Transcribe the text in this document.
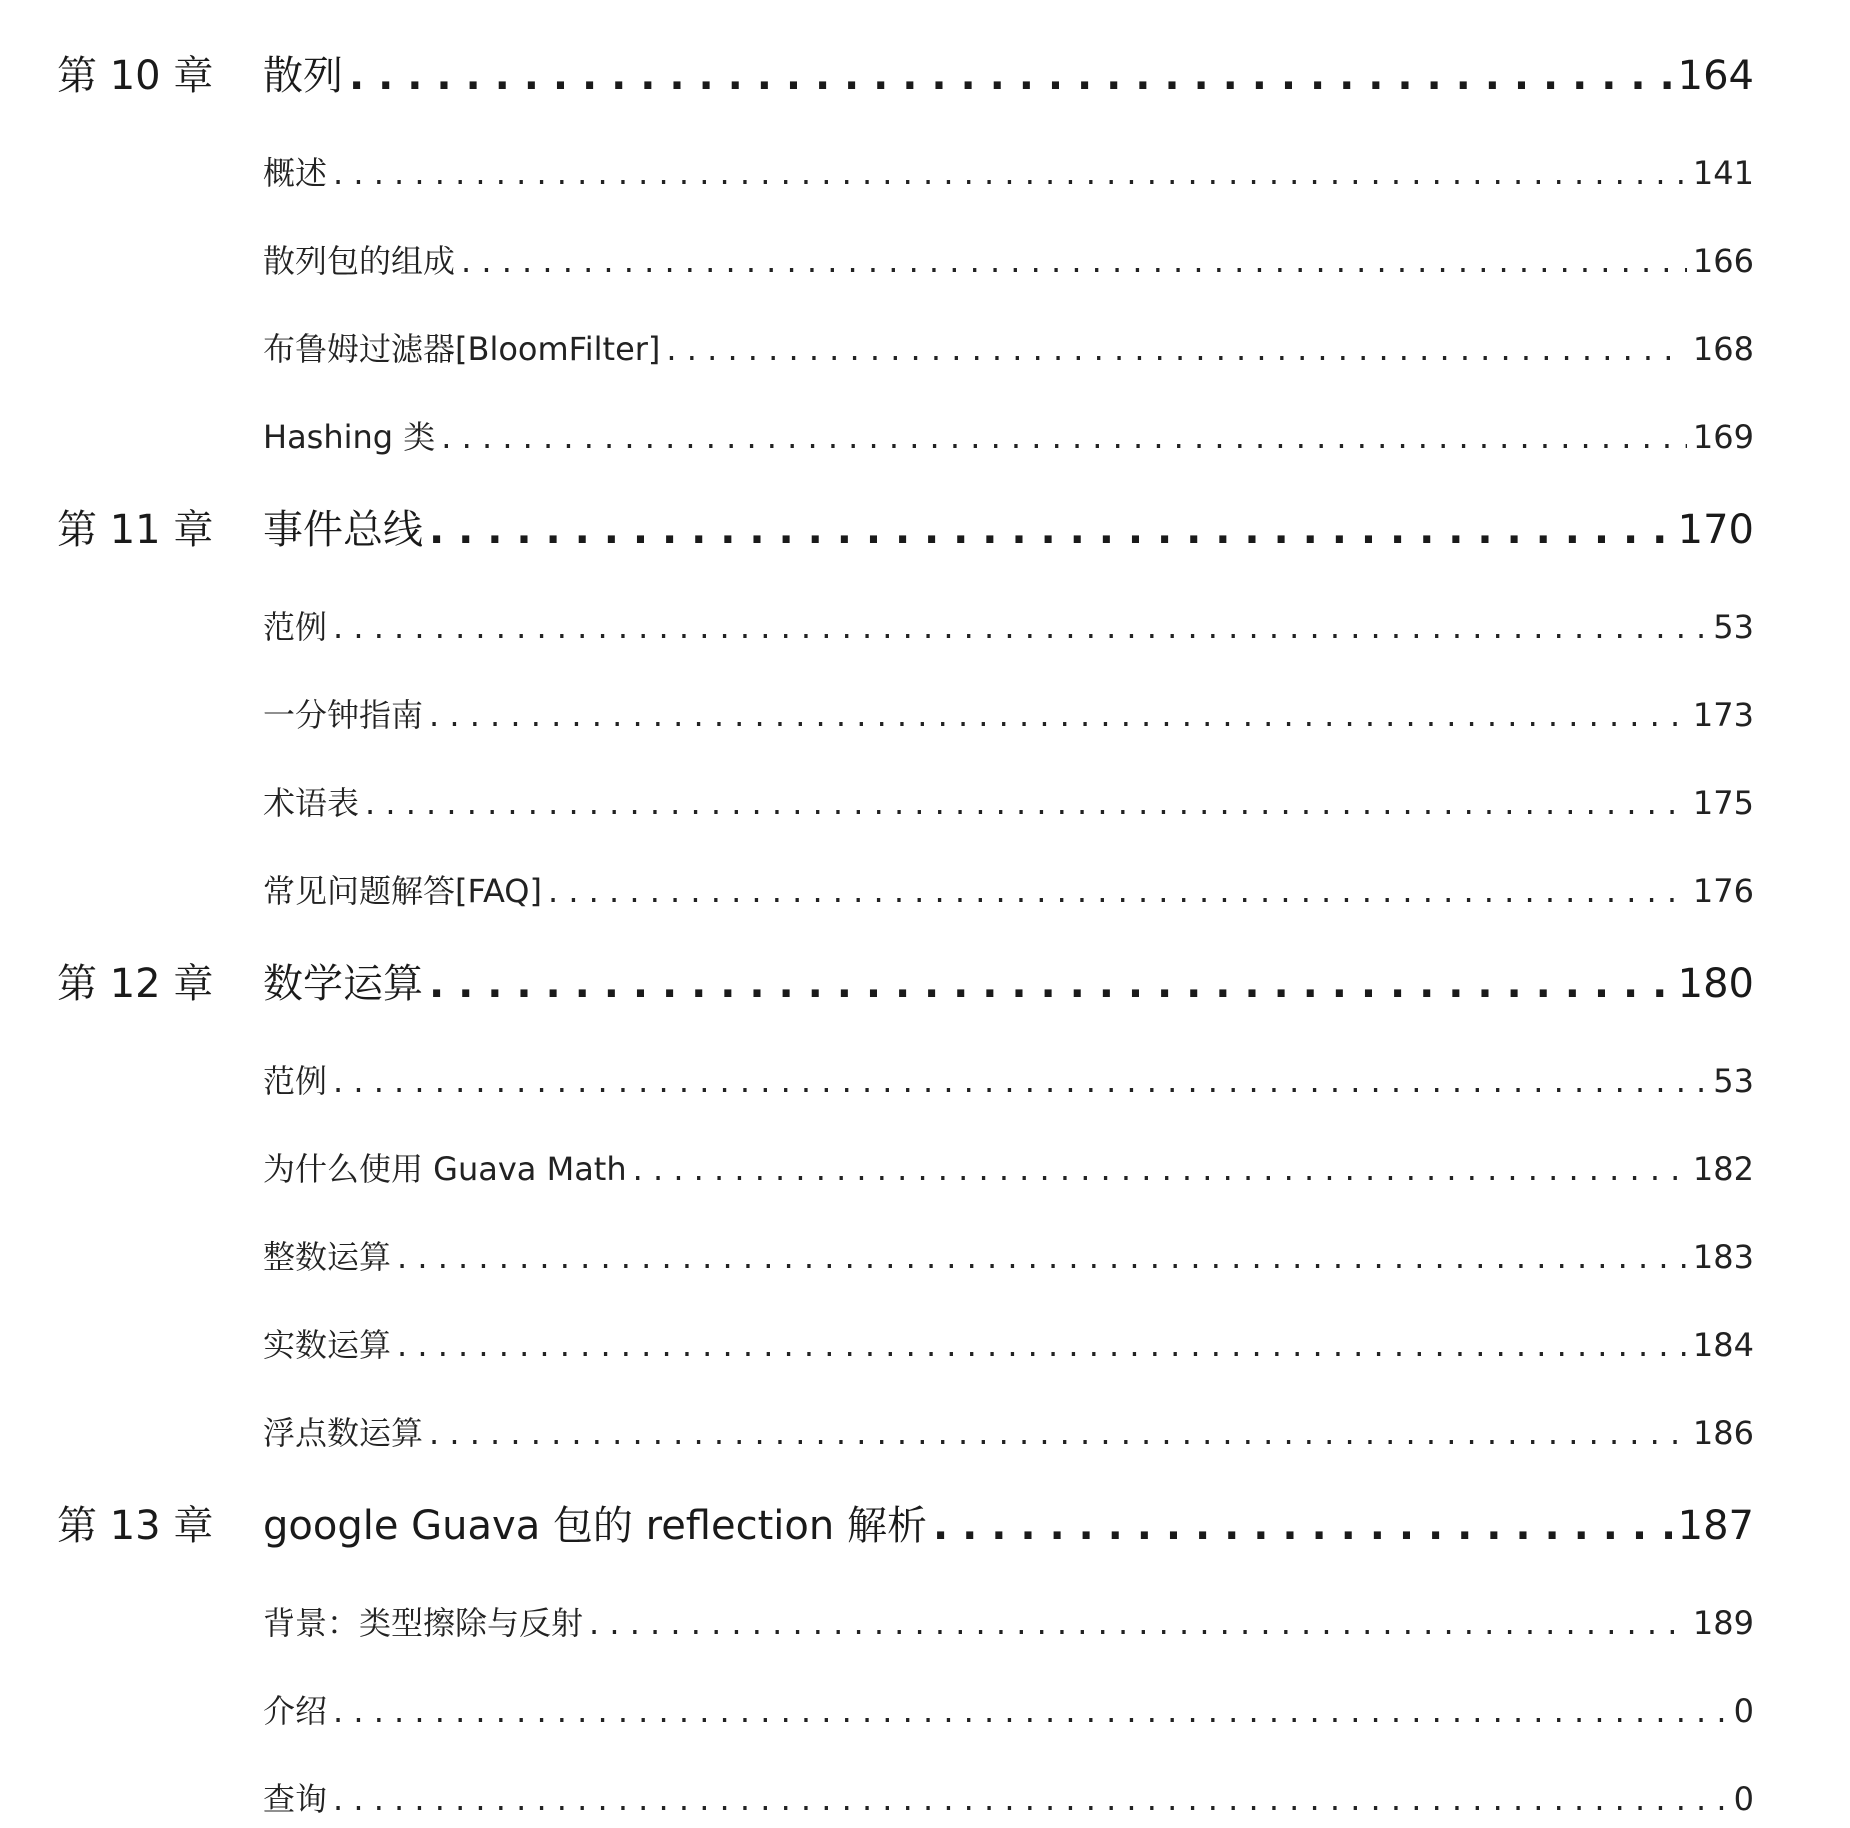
第 10 章 散列 . . .	164
概述 . . .	141
散列包的组成 . . .	166
布鲁姆过滤器[BloomFilter] . . .	168
Hashing 类 . . .	169
第 11 章 事件总线 . . .	170
范例 . . .	53
一分钟指南 . . .	173
术语表 . . .	175
常见问题解答[FAQ] . . .	176
第 12 章 数学运算 . . .	180
范例 . . .	53
为什么使用 Guava Math . . .	182
整数运算 . . .	183
实数运算 . . .	184
浮点数运算 . . .	186
第 13 章 google Guava 包的 reflection 解析 . . .	187
背景：类型擦除与反射 . . .	189
介绍 . . .	0
查询 . . .	0
